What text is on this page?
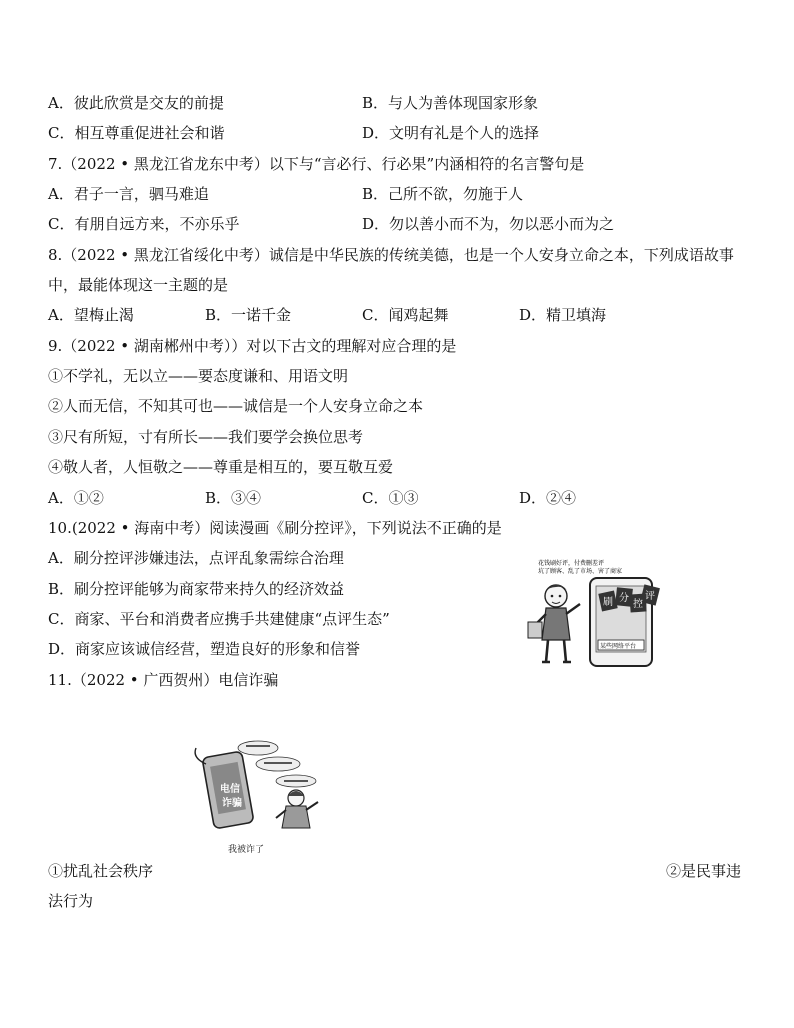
A．彼此欣赏是交友的前提	B．与人为善体现国家形象
C．相互尊重促进社会和谐	D．文明有礼是个人的选择
7.（2022 • 黑龙江省龙东中考）以下与“言必行、行必果”内涵相符的名言警句是
A．君子一言，驷马难追	B．己所不欲，勿施于人
C．有朋自远方来，不亦乐乎	D．勿以善小而不为，勿以恶小而为之
8.（2022 • 黑龙江省绥化中考）诚信是中华民族的传统美德，也是一个人安身立命之本，下列成语故事
中，最能体现这一主题的是
A．望梅止渴	B．一诺千金	C．闻鸡起舞	D．精卫填海
9.（2022 • 湖南郴州中考））对以下古文的理解对应合理的是
①不学礼，无以立——要态度谦和、用语文明
②人而无信，不知其可也——诚信是一个人安身立命之本
③尺有所短，寸有所长——我们要学会换位思考
④敬人者，人恒敬之——尊重是相互的，要互敬互爱
A．①②	B．③④	C．①③	D．②④
10.(2022 • 海南中考）阅读漫画《刷分控评》，下列说法不正确的是
A．刷分控评涉嫌违法，点评乱象需综合治理
B．刷分控评能够为商家带来持久的经济效益
C．商家、平台和消费者应携手共建健康“点评生态”
D．商家应该诚信经营，塑造良好的形象和信誉
花钱刷好评，付费删差评
坑了顾客、乱了市场、害了商家
刷 分
控
评
某些网络平台
11.（2022 • 广西贺州）电信诈骗
电信
诈骗
我被诈了
①扰乱社会秩序	②是民事违
法行为
